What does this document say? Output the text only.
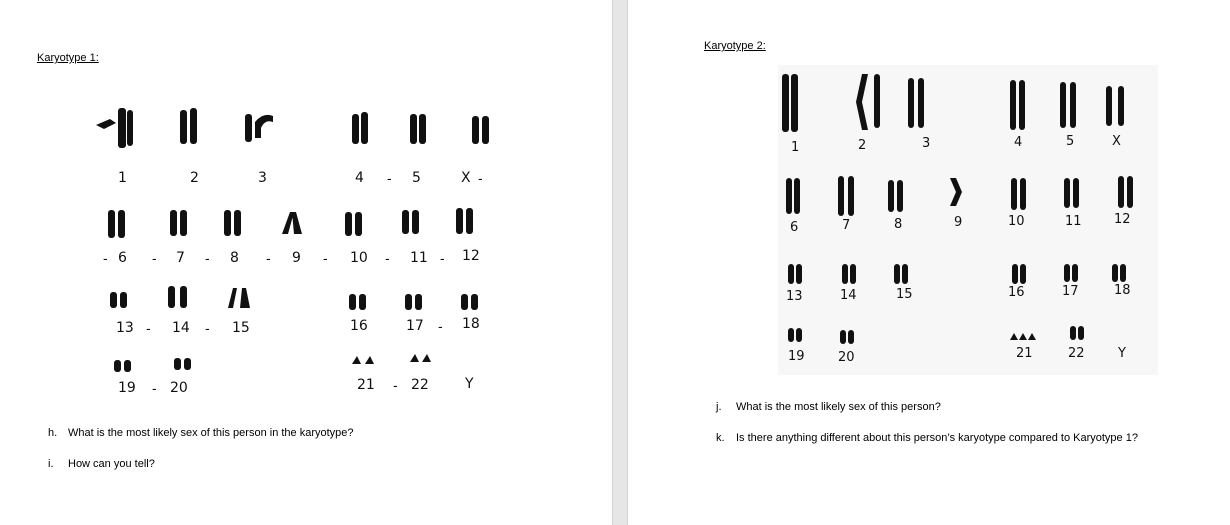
Karyotype 1:
1	2	3	4 - 5	X -
- 6 - 7 - 8 - 9 - 10 - 11 - 12
13 - 14 - 15	16	17 - 18
19 - 20	21 - 22	Y
h. What is the most likely sex of this person in the karyotype?
i. How can you tell?
Karyotype 2:
1	2	3	4	5	X
6	7	8	9	10	11 12
13	14	15	16	17	18
19	20	21	22	Y
j. What is the most likely sex of this person?
k. Is there anything different about this person’s karyotype compared to Karyotype 1?
